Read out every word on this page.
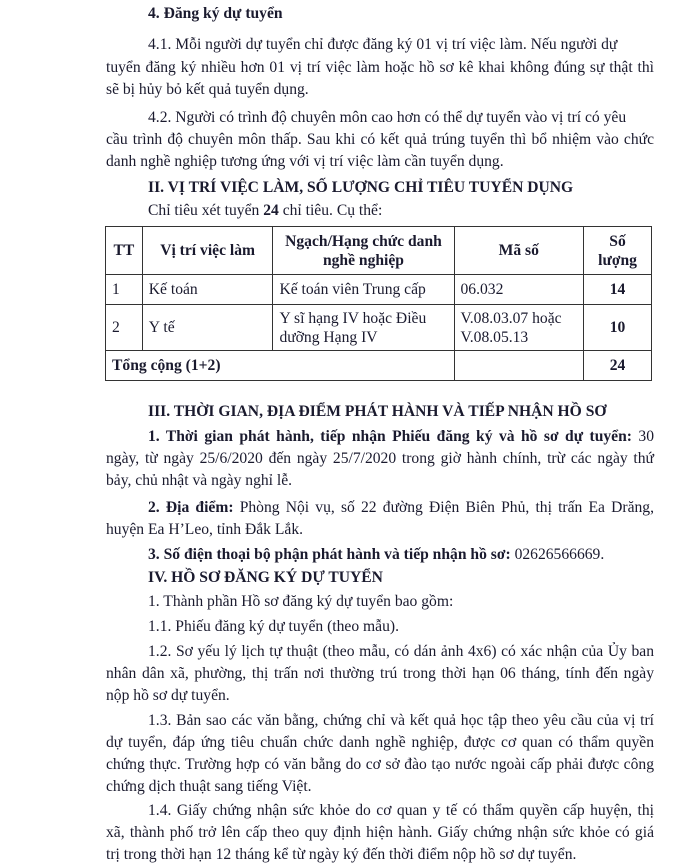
4. Đăng ký dự tuyển
4.1. Mỗi người dự tuyển chỉ được đăng ký 01 vị trí việc làm. Nếu người dự
tuyển đăng ký nhiều hơn 01 vị trí việc làm hoặc hồ sơ kê khai không đúng sự thật thì
sẽ bị hủy bỏ kết quả tuyển dụng.
4.2. Người có trình độ chuyên môn cao hơn có thể dự tuyển vào vị trí có yêu
cầu trình độ chuyên môn thấp. Sau khi có kết quả trúng tuyển thì bổ nhiệm vào chức
danh nghề nghiệp tương ứng với vị trí việc làm cần tuyển dụng.
II. VỊ TRÍ VIỆC LÀM, SỐ LƯỢNG CHỈ TIÊU TUYỂN DỤNG
Chỉ tiêu xét tuyển 24 chỉ tiêu. Cụ thể:
TT	Vị trí việc làm	Ngạch/Hạng chức danh nghề nghiệp	Mã số	Số lượng
1	Kế toán	Kế toán viên Trung cấp	06.032	14
2	Y tế	Y sĩ hạng IV hoặc Điều dưỡng Hạng IV	V.08.03.07 hoặc V.08.05.13	10
Tổng cộng (1+2)				24
III. THỜI GIAN, ĐỊA ĐIỂM PHÁT HÀNH VÀ TIẾP NHẬN HỒ SƠ
1. Thời gian phát hành, tiếp nhận Phiếu đăng ký và hồ sơ dự tuyển: 30
ngày, từ ngày 25/6/2020 đến ngày 25/7/2020 trong giờ hành chính, trừ các ngày thứ
bảy, chủ nhật và ngày nghỉ lễ.
2. Địa điểm: Phòng Nội vụ, số 22 đường Điện Biên Phủ, thị trấn Ea Drăng,
huyện Ea H’Leo, tỉnh Đắk Lắk.
3. Số điện thoại bộ phận phát hành và tiếp nhận hồ sơ: 02626566669.
IV. HỒ SƠ ĐĂNG KÝ DỰ TUYỂN
1. Thành phần Hồ sơ đăng ký dự tuyển bao gồm:
1.1. Phiếu đăng ký dự tuyển (theo mẫu).
1.2. Sơ yếu lý lịch tự thuật (theo mẫu, có dán ảnh 4x6) có xác nhận của Ủy ban
nhân dân xã, phường, thị trấn nơi thường trú trong thời hạn 06 tháng, tính đến ngày
nộp hồ sơ dự tuyển.
1.3. Bản sao các văn bằng, chứng chỉ và kết quả học tập theo yêu cầu của vị trí
dự tuyển, đáp ứng tiêu chuẩn chức danh nghề nghiệp, được cơ quan có thẩm quyền
chứng thực. Trường hợp có văn bằng do cơ sở đào tạo nước ngoài cấp phải được công
chứng dịch thuật sang tiếng Việt.
1.4. Giấy chứng nhận sức khỏe do cơ quan y tế có thẩm quyền cấp huyện, thị
xã, thành phố trở lên cấp theo quy định hiện hành. Giấy chứng nhận sức khỏe có giá
trị trong thời hạn 12 tháng kể từ ngày ký đến thời điểm nộp hồ sơ dự tuyển.
